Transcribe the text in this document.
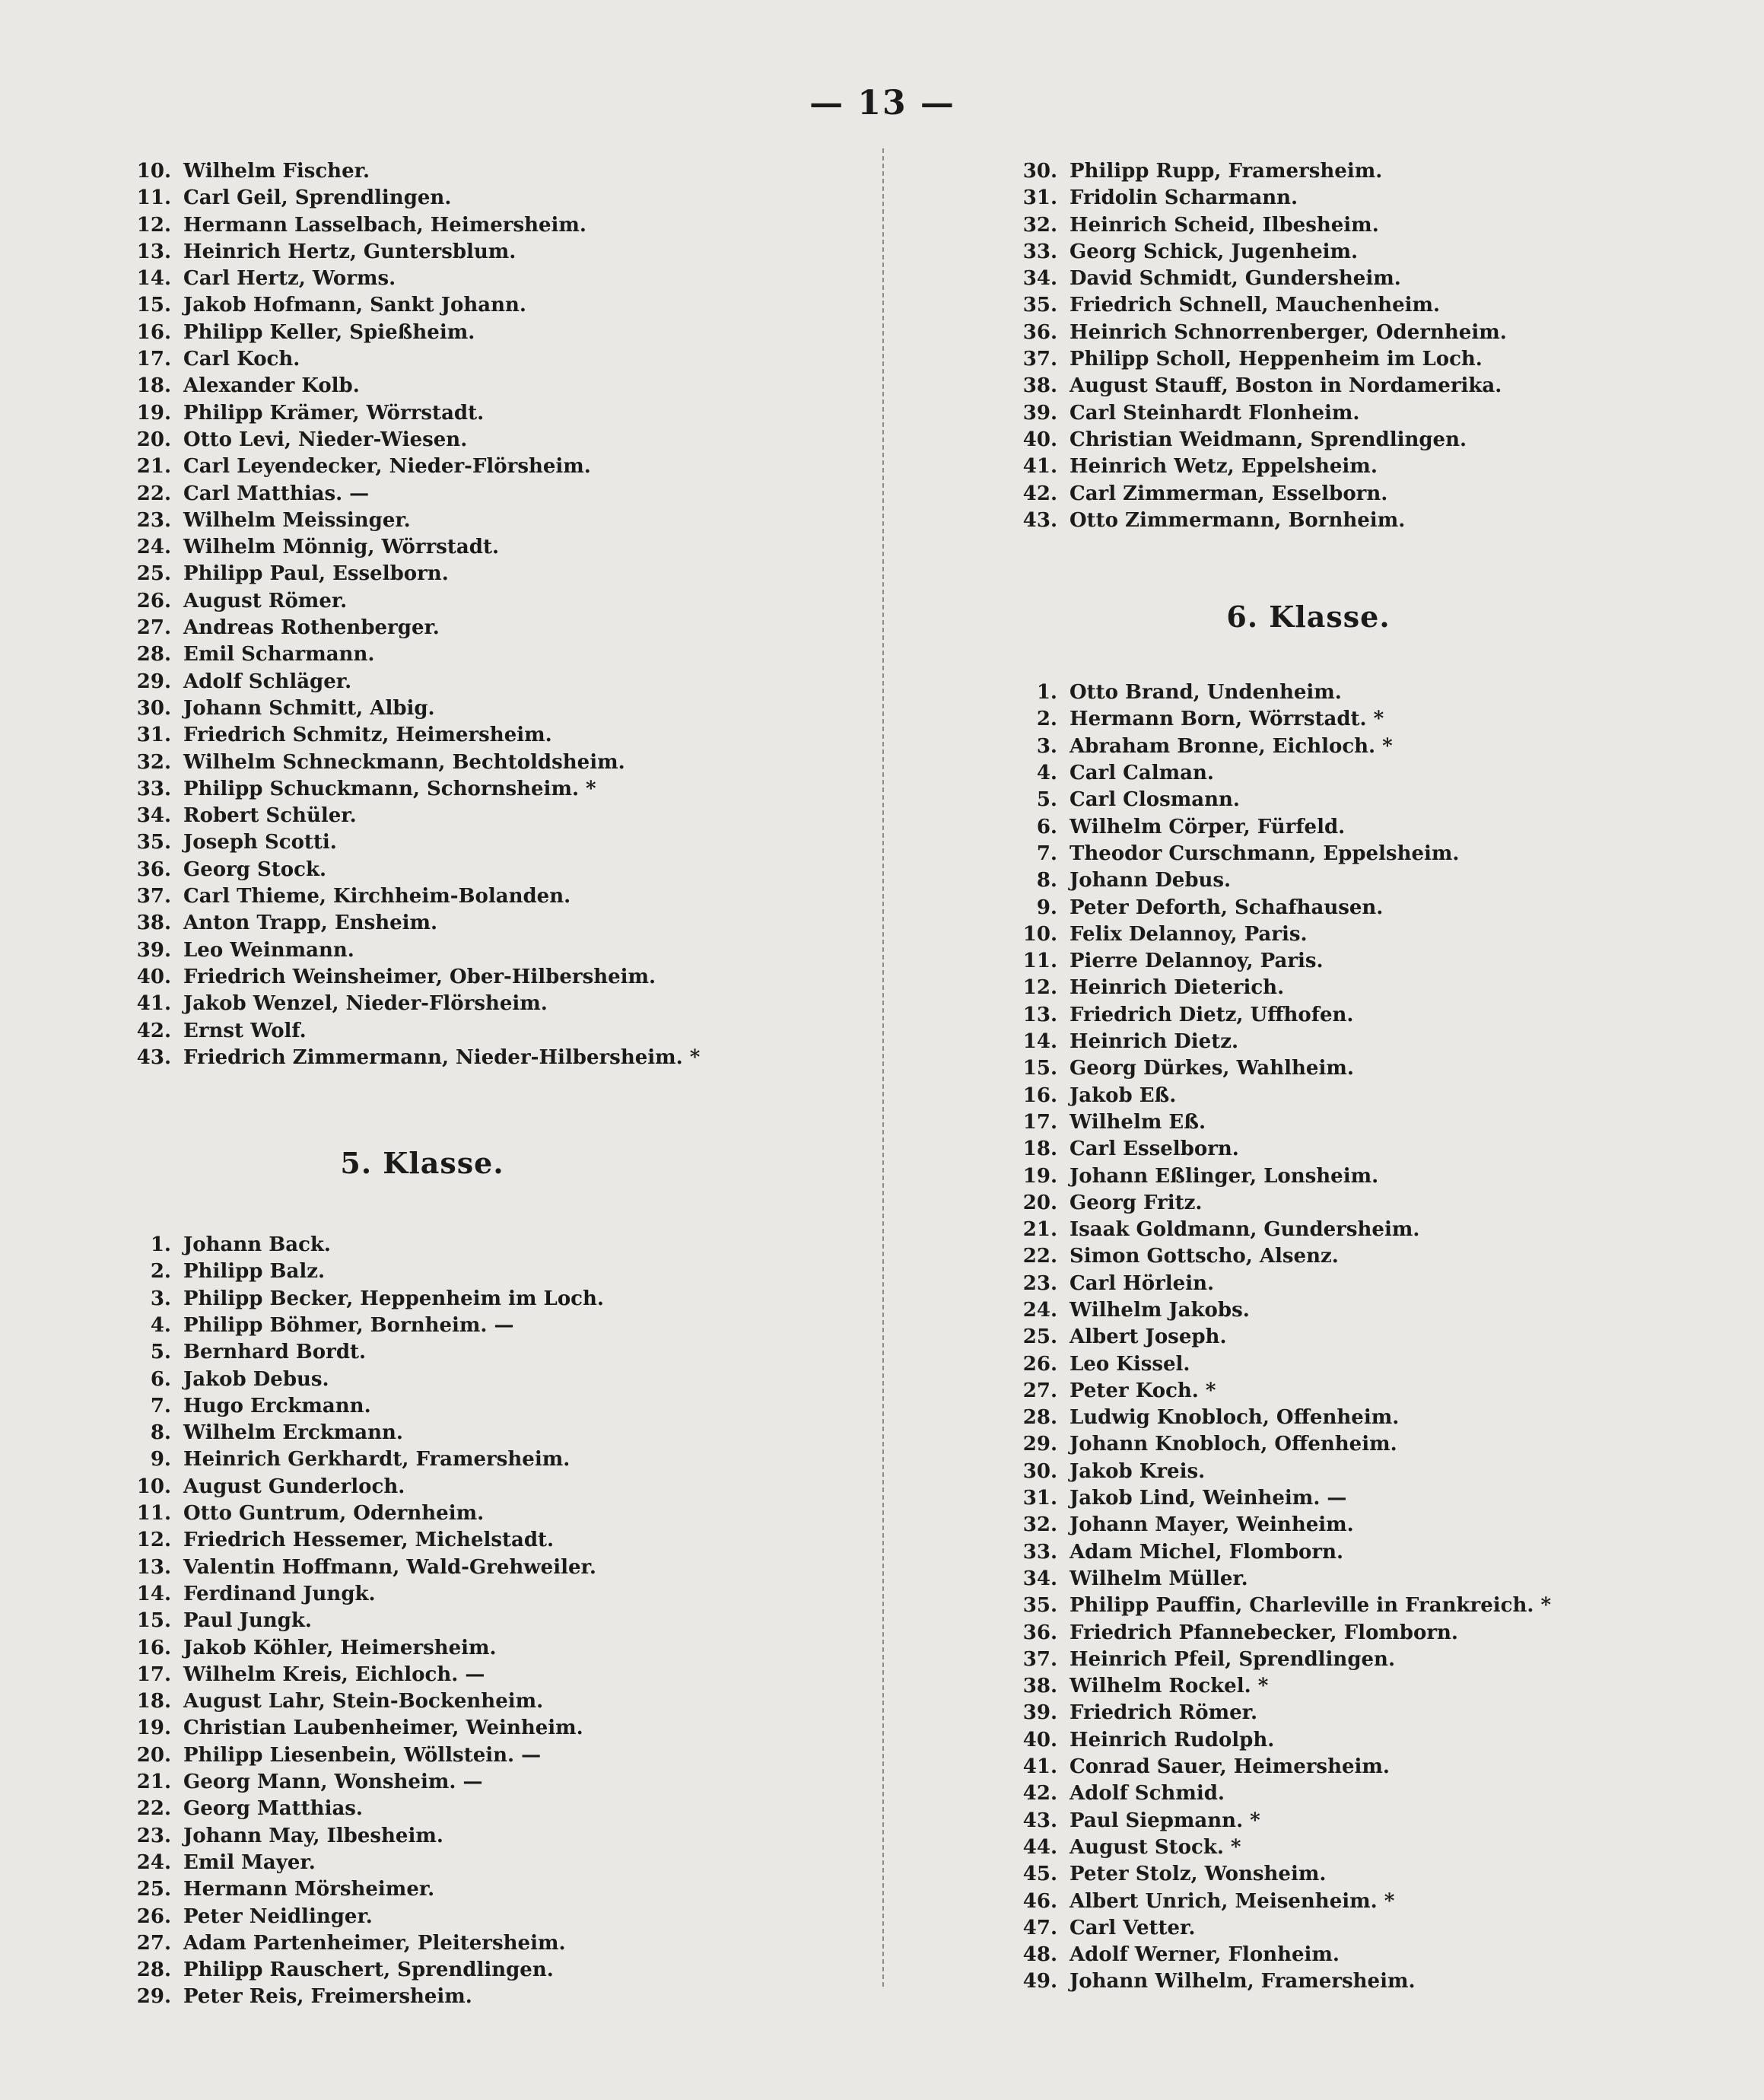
— 13 —
10. Wilhelm Fischer.
11. Carl Geil, Sprendlingen.
12. Hermann Lasselbach, Heimersheim.
13. Heinrich Hertz, Guntersblum.
14. Carl Hertz, Worms.
15. Jakob Hofmann, Sankt Johann.
16. Philipp Keller, Spießheim.
17. Carl Koch.
18. Alexander Kolb.
19. Philipp Krämer, Wörrstadt.
20. Otto Levi, Nieder-Wiesen.
21. Carl Leyendecker, Nieder-Flörsheim.
22. Carl Matthias. —
23. Wilhelm Meissinger.
24. Wilhelm Mönnig, Wörrstadt.
25. Philipp Paul, Esselborn.
26. August Römer.
27. Andreas Rothenberger.
28. Emil Scharmann.
29. Adolf Schläger.
30. Johann Schmitt, Albig.
31. Friedrich Schmitz, Heimersheim.
32. Wilhelm Schneckmann, Bechtoldsheim.
33. Philipp Schuckmann, Schornsheim. *
34. Robert Schüler.
35. Joseph Scotti.
36. Georg Stock.
37. Carl Thieme, Kirchheim-Bolanden.
38. Anton Trapp, Ensheim.
39. Leo Weinmann.
40. Friedrich Weinsheimer, Ober-Hilbersheim.
41. Jakob Wenzel, Nieder-Flörsheim.
42. Ernst Wolf.
43. Friedrich Zimmermann, Nieder-Hilbersheim. *
5. Klasse.
1. Johann Back.
2. Philipp Balz.
3. Philipp Becker, Heppenheim im Loch.
4. Philipp Böhmer, Bornheim. —
5. Bernhard Bordt.
6. Jakob Debus.
7. Hugo Erckmann.
8. Wilhelm Erckmann.
9. Heinrich Gerkhardt, Framersheim.
10. August Gunderloch.
11. Otto Guntrum, Odernheim.
12. Friedrich Hessemer, Michelstadt.
13. Valentin Hoffmann, Wald-Grehweiler.
14. Ferdinand Jungk.
15. Paul Jungk.
16. Jakob Köhler, Heimersheim.
17. Wilhelm Kreis, Eichloch. —
18. August Lahr, Stein-Bockenheim.
19. Christian Laubenheimer, Weinheim.
20. Philipp Liesenbein, Wöllstein. —
21. Georg Mann, Wonsheim. —
22. Georg Matthias.
23. Johann May, Ilbesheim.
24. Emil Mayer.
25. Hermann Mörsheimer.
26. Peter Neidlinger.
27. Adam Partenheimer, Pleitersheim.
28. Philipp Rauschert, Sprendlingen.
29. Peter Reis, Freimersheim.
30. Philipp Rupp, Framersheim.
31. Fridolin Scharmann.
32. Heinrich Scheid, Ilbesheim.
33. Georg Schick, Jugenheim.
34. David Schmidt, Gundersheim.
35. Friedrich Schnell, Mauchenheim.
36. Heinrich Schnorrenberger, Odernheim.
37. Philipp Scholl, Heppenheim im Loch.
38. August Stauff, Boston in Nordamerika.
39. Carl Steinhardt Flonheim.
40. Christian Weidmann, Sprendlingen.
41. Heinrich Wetz, Eppelsheim.
42. Carl Zimmerman, Esselborn.
43. Otto Zimmermann, Bornheim.
6. Klasse.
1. Otto Brand, Undenheim.
2. Hermann Born, Wörrstadt. *
3. Abraham Bronne, Eichloch. *
4. Carl Calman.
5. Carl Closmann.
6. Wilhelm Cörper, Fürfeld.
7. Theodor Curschmann, Eppelsheim.
8. Johann Debus.
9. Peter Deforth, Schafhausen.
10. Felix Delannoy, Paris.
11. Pierre Delannoy, Paris.
12. Heinrich Dieterich.
13. Friedrich Dietz, Uffhofen.
14. Heinrich Dietz.
15. Georg Dürkes, Wahlheim.
16. Jakob Eß.
17. Wilhelm Eß.
18. Carl Esselborn.
19. Johann Eßlinger, Lonsheim.
20. Georg Fritz.
21. Isaak Goldmann, Gundersheim.
22. Simon Gottscho, Alsenz.
23. Carl Hörlein.
24. Wilhelm Jakobs.
25. Albert Joseph.
26. Leo Kissel.
27. Peter Koch. *
28. Ludwig Knobloch, Offenheim.
29. Johann Knobloch, Offenheim.
30. Jakob Kreis.
31. Jakob Lind, Weinheim. —
32. Johann Mayer, Weinheim.
33. Adam Michel, Flomborn.
34. Wilhelm Müller.
35. Philipp Pauffin, Charleville in Frankreich. *
36. Friedrich Pfannebecker, Flomborn.
37. Heinrich Pfeil, Sprendlingen.
38. Wilhelm Rockel. *
39. Friedrich Römer.
40. Heinrich Rudolph.
41. Conrad Sauer, Heimersheim.
42. Adolf Schmid.
43. Paul Siepmann. *
44. August Stock. *
45. Peter Stolz, Wonsheim.
46. Albert Unrich, Meisenheim. *
47. Carl Vetter.
48. Adolf Werner, Flonheim.
49. Johann Wilhelm, Framersheim.
